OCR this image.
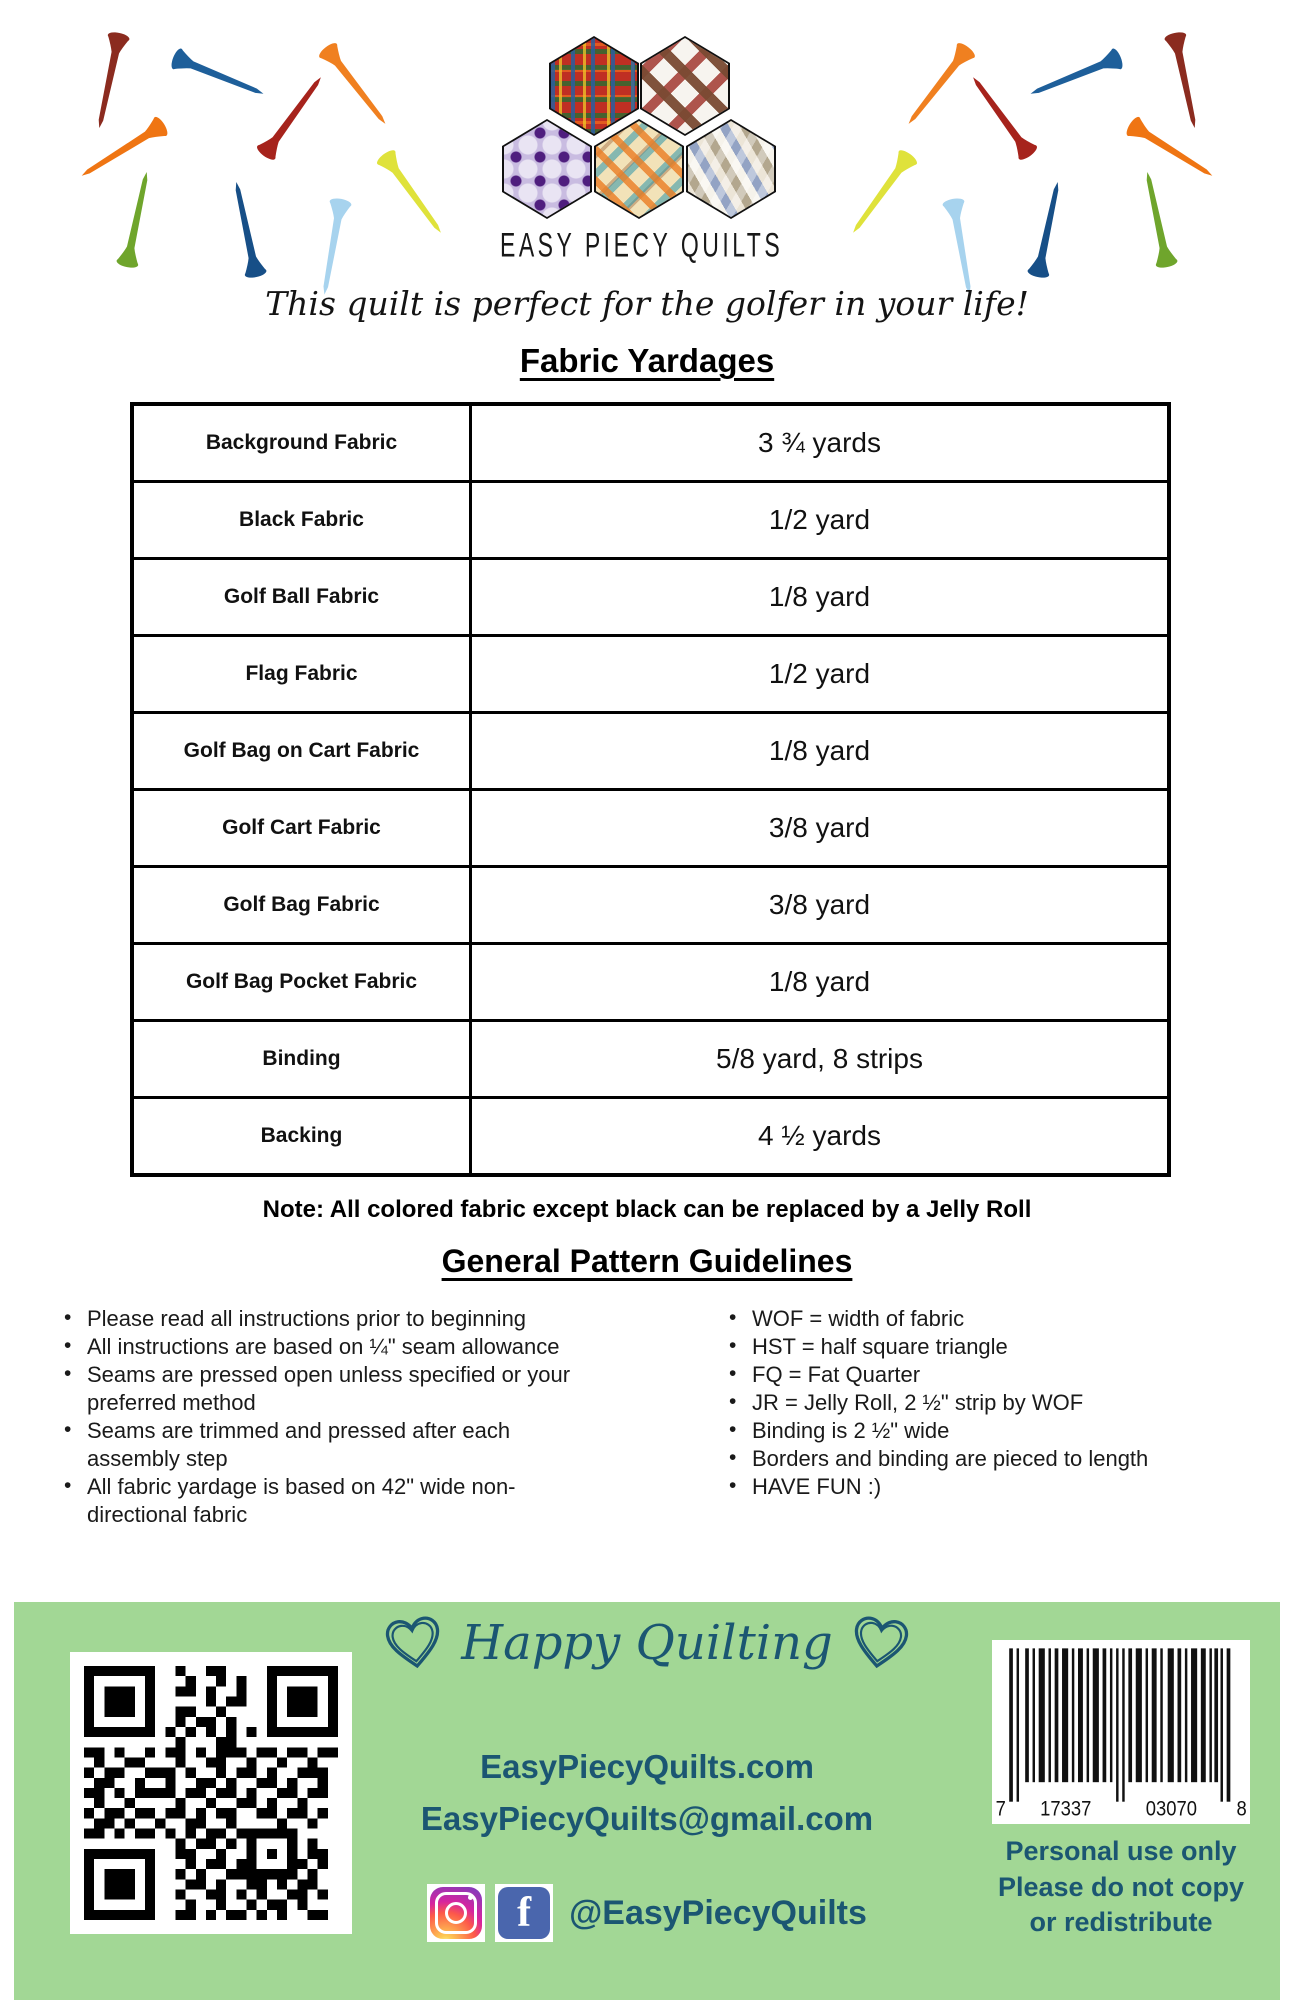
EASY PIECY QUILTS
This quilt is perfect for the golfer in your life!
Fabric Yardages
Background Fabric	3 ¾ yards
Black Fabric	1/2 yard
Golf Ball Fabric	1/8 yard
Flag Fabric	1/2 yard
Golf Bag on Cart Fabric	1/8 yard
Golf Cart Fabric	3/8 yard
Golf Bag Fabric	3/8 yard
Golf Bag Pocket Fabric	1/8 yard
Binding	5/8 yard, 8 strips
Backing	4 ½ yards
Note: All colored fabric except black can be replaced by a Jelly Roll
General Pattern Guidelines
• Please read all instructions prior to beginning
• All instructions are based on ¼" seam allowance
• Seams are pressed open unless specified or your preferred method
• Seams are trimmed and pressed after each assembly step
• All fabric yardage is based on 42" wide non-directional fabric
• WOF = width of fabric
• HST = half square triangle
• FQ = Fat Quarter
• JR = Jelly Roll, 2 ½" strip by WOF
• Binding is 2 ½" wide
• Borders and binding are pieced to length
• HAVE FUN :)
Happy Quilting
EasyPiecyQuilts.com
EasyPiecyQuilts@gmail.com
f	@EasyPiecyQuilts
7 17337	03070	8
Personal use only
Please do not copy
or redistribute
